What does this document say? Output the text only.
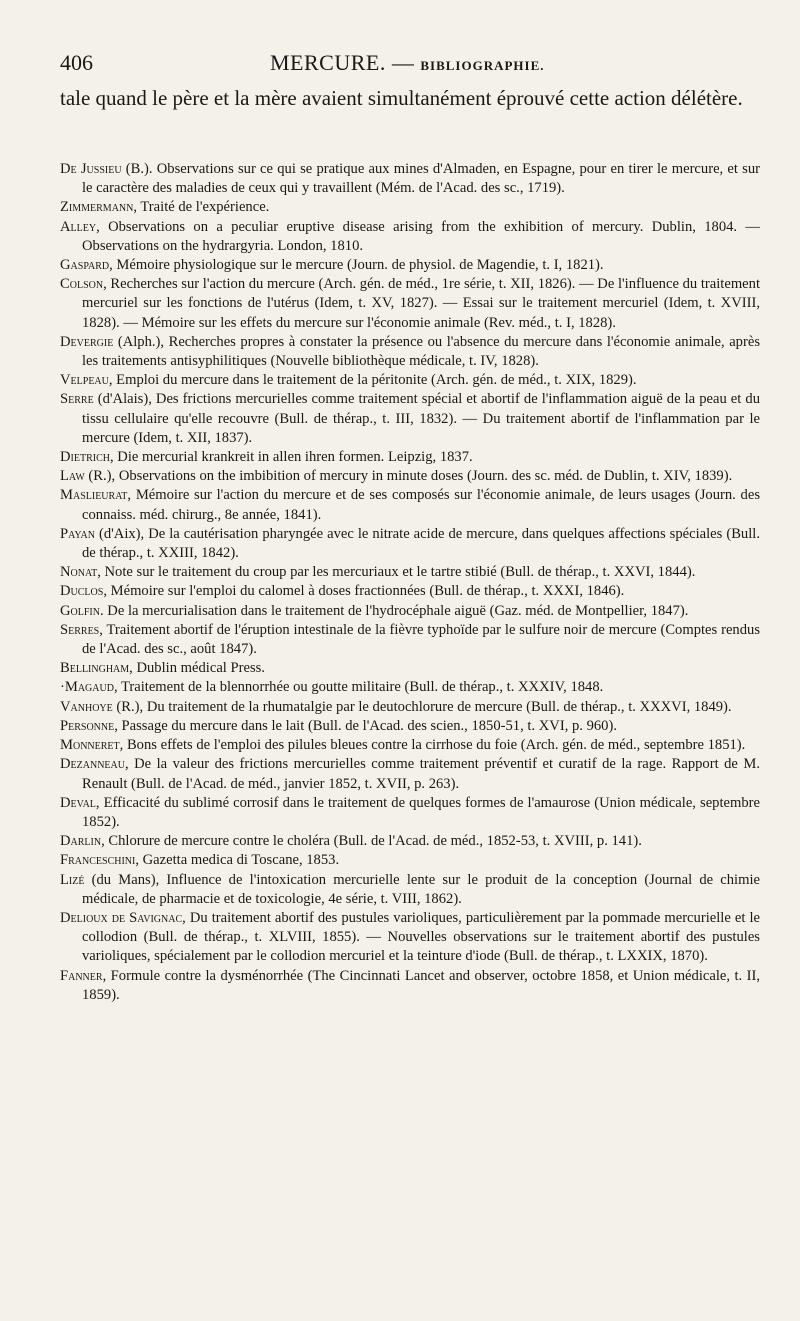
406	MERCURE. — BIBLIOGRAPHIE.
tale quand le père et la mère avaient simultanément éprouvé cette action délétère.

De Jussieu (B.). Observations sur ce qui se pratique aux mines d'Almaden, en Espagne, pour en tirer le mercure, et sur le caractère des maladies de ceux qui y travaillent (Mém. de l'Acad. des sc., 1719).

Zimmermann, Traité de l'expérience.

Alley, Observations on a peculiar eruptive disease arising from the exhibition of mercury. Dublin, 1804. — Observations on the hydrargyria. London, 1810.

Gaspard, Mémoire physiologique sur le mercure (Journ. de physiol. de Magendie, t. I, 1821).

Colson, Recherches sur l'action du mercure (Arch. gén. de méd., 1re série, t. XII, 1826). — De l'influence du traitement mercuriel sur les fonctions de l'utérus (Idem, t. XV, 1827). — Essai sur le traitement mercuriel (Idem, t. XVIII, 1828). — Mémoire sur les effets du mercure sur l'économie animale (Rev. méd., t. I, 1828).

Devergie (Alph.), Recherches propres à constater la présence ou l'absence du mercure dans l'économie animale, après les traitements antisyphilitiques (Nouvelle bibliothèque médicale, t. IV, 1828).

Velpeau, Emploi du mercure dans le traitement de la péritonite (Arch. gén. de méd., t. XIX, 1829).

Serre (d'Alais), Des frictions mercurielles comme traitement spécial et abortif de l'inflammation aiguë de la peau et du tissu cellulaire qu'elle recouvre (Bull. de thérap., t. III, 1832). — Du traitement abortif de l'inflammation par le mercure (Idem, t. XII, 1837).

Dietrich, Die mercurial krankreit in allen ihren formen. Leipzig, 1837.

Law (R.), Observations on the imbibition of mercury in minute doses (Journ. des sc. méd. de Dublin, t. XIV, 1839).

Maslieurat, Mémoire sur l'action du mercure et de ses composés sur l'économie animale, de leurs usages (Journ. des connaiss. méd. chirurg., 8e année, 1841).

Payan (d'Aix), De la cautérisation pharyngée avec le nitrate acide de mercure, dans quelques affections spéciales (Bull. de thérap., t. XXIII, 1842).

Nonat, Note sur le traitement du croup par les mercuriaux et le tartre stibié (Bull. de thérap., t. XXVI, 1844).

Duclos, Mémoire sur l'emploi du calomel à doses fractionnées (Bull. de thérap., t. XXXI, 1846).

Golfin. De la mercurialisation dans le traitement de l'hydrocéphale aiguë (Gaz. méd. de Montpellier, 1847).

Serres, Traitement abortif de l'éruption intestinale de la fièvre typhoïde par le sulfure noir de mercure (Comptes rendus de l'Acad. des sc., août 1847).

Bellingham, Dublin médical Press.

·Magaud, Traitement de la blennorrhée ou goutte militaire (Bull. de thérap., t. XXXIV, 1848.

Vanhoye (R.), Du traitement de la rhumatalgie par le deutochlorure de mercure (Bull. de thérap., t. XXXVI, 1849).

Personne, Passage du mercure dans le lait (Bull. de l'Acad. des scien., 1850-51, t. XVI, p. 960).

Monneret, Bons effets de l'emploi des pilules bleues contre la cirrhose du foie (Arch. gén. de méd., septembre 1851).

Dezanneau, De la valeur des frictions mercurielles comme traitement préventif et curatif de la rage. Rapport de M. Renault (Bull. de l'Acad. de méd., janvier 1852, t. XVII, p. 263).

Deval, Efficacité du sublimé corrosif dans le traitement de quelques formes de l'amaurose (Union médicale, septembre 1852).

Darlin, Chlorure de mercure contre le choléra (Bull. de l'Acad. de méd., 1852-53, t. XVIII, p. 141).

Franceschini, Gazetta medica di Toscane, 1853.

Lizé (du Mans), Influence de l'intoxication mercurielle lente sur le produit de la conception (Journal de chimie médicale, de pharmacie et de toxicologie, 4e série, t. VIII, 1862).

Delioux de Savignac, Du traitement abortif des pustules varioliques, particulièrement par la pommade mercurielle et le collodion (Bull. de thérap., t. XLVIII, 1855). — Nouvelles observations sur le traitement abortif des pustules varioliques, spécialement par le collodion mercuriel et la teinture d'iode (Bull. de thérap., t. LXXIX, 1870).

Fanner, Formule contre la dysménorrhée (The Cincinnati Lancet and observer, octobre 1858, et Union médicale, t. II, 1859).
